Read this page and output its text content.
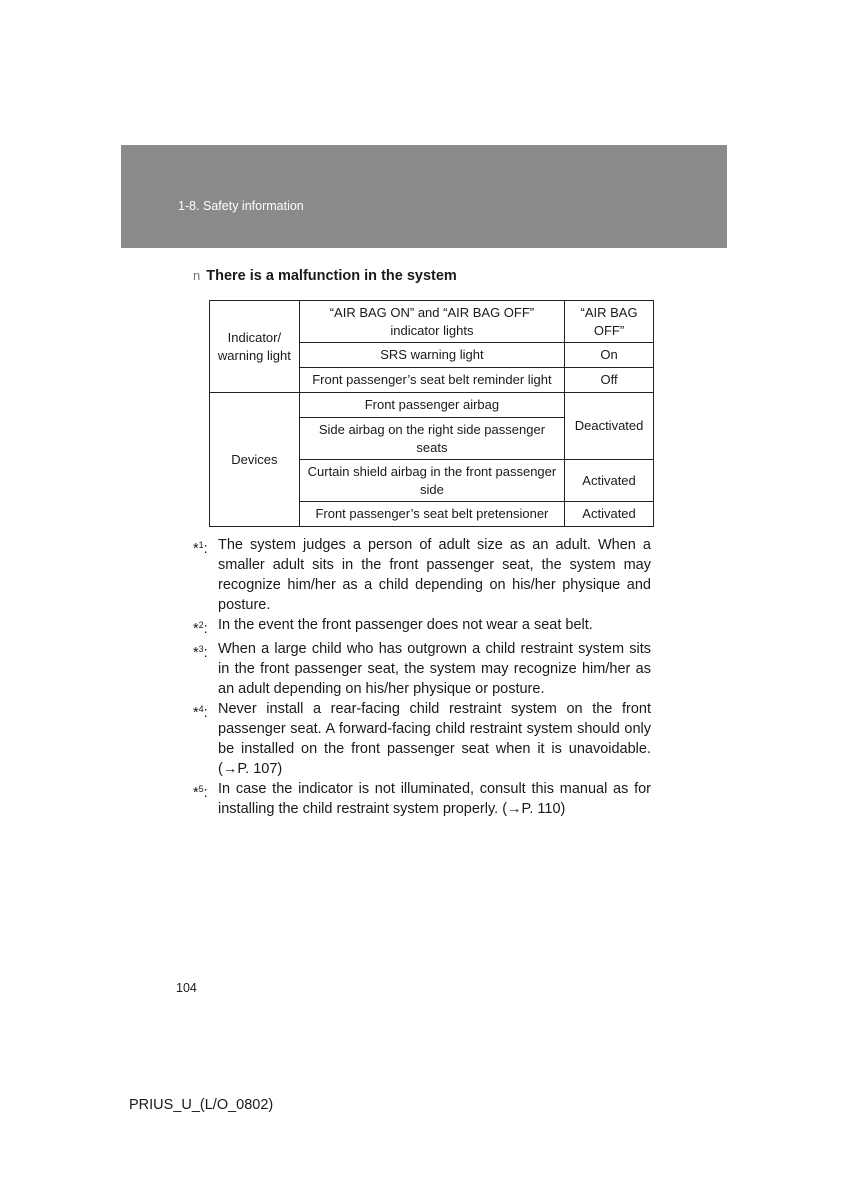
1-8. Safety information
n There is a malfunction in the system
Indicator/ warning light	“AIR BAG ON” and “AIR BAG OFF” indicator lights	“AIR BAG OFF”
	SRS warning light	On
	Front passenger’s seat belt reminder light	Off
Devices	Front passenger airbag	Deactivated
	Side airbag on the right side passenger seats	
	Curtain shield airbag in the front passenger side	Activated
	Front passenger’s seat belt pretensioner	Activated
*$^1$: The system judges a person of adult size as an adult. When a smaller adult sits in the front passenger seat, the system may recognize him/her as a child depending on his/her physique and posture.
*$^2$: In the event the front passenger does not wear a seat belt.
*$^3$: When a large child who has outgrown a child restraint system sits in the front passenger seat, the system may recognize him/her as an adult depending on his/her physique or posture.
*$^4$: Never install a rear-facing child restraint system on the front passenger seat. A forward-facing child restraint system should only be installed on the front passenger seat when it is unavoidable. (→P. 107)
*$^5$: In case the indicator is not illuminated, consult this manual as for installing the child restraint system properly. (→P. 110)
104
PRIUS_U_(L/O_0802)
